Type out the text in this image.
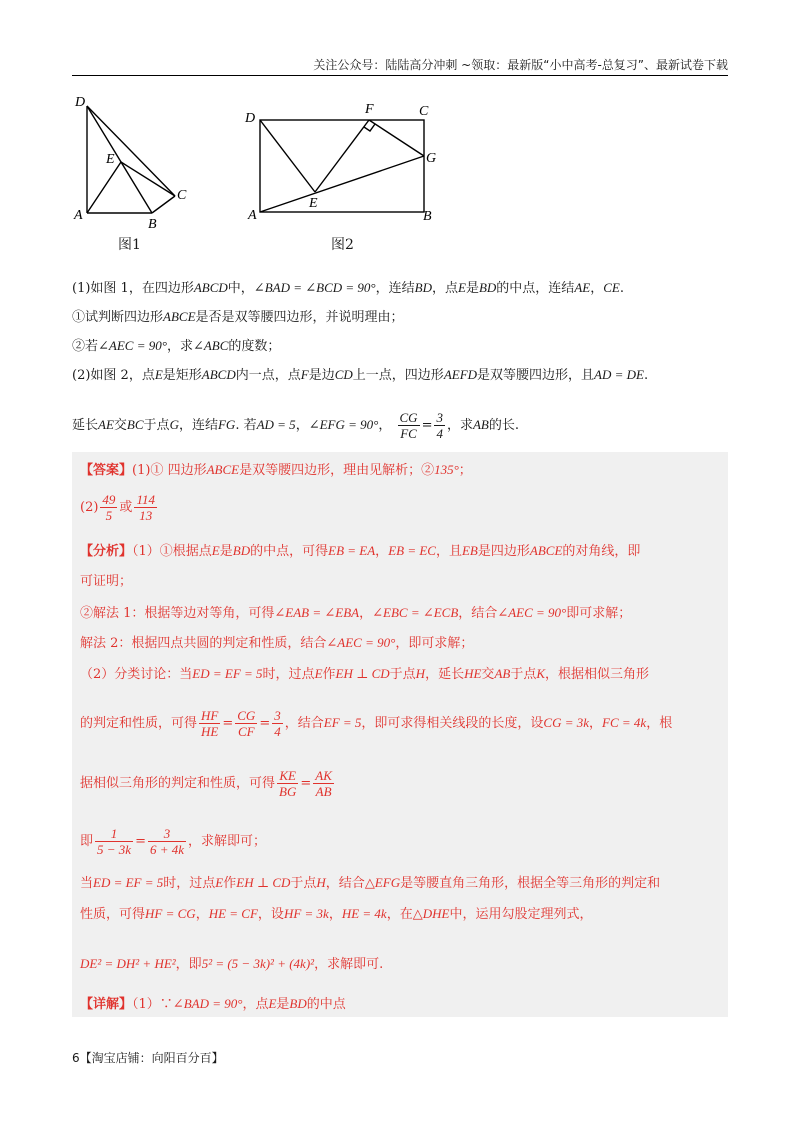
关注公众号：陆陆高分冲刺 ~领取：最新版“小中高考-总复习”、最新试卷下载
D
E
C
A
B
图1
D
F	C
G
A
E
B
图2
(1)如图 1，在四边形ABCD中，∠BAD = ∠BCD = 90°，连结BD，点E是BD的中点，连结AE，CE.
①试判断四边形ABCE是否是双等腰四边形，并说明理由；
②若∠AEC = 90°，求∠ABC的度数；
(2)如图 2，点E是矩形ABCD内一点，点F是边CD上一点，四边形AEFD是双等腰四边形，且AD = DE.
延长AE交BC于点G，连结FG. 若AD = 5，∠EFG = 90°， $\frac{CG}{FC} = \frac{3}{4}$ ，求AB的长.
【答案】(1)① 四边形ABCE是双等腰四边形，理由见解析；②135°；
$(2) \frac{49}{5}$ 或 $\frac{114}{13}$
【分析】（1）①根据点E是BD的中点，可得EB = EA，EB = EC，且EB是四边形ABCE的对角线，即
可证明；
②解法 1：根据等边对等角，可得∠EAB = ∠EBA，∠EBC = ∠ECB，结合∠AEC = 90°即可求解；
解法 2：根据四点共圆的判定和性质，结合∠AEC = 90°，即可求解；
（2）分类讨论：当ED = EF = 5时，过点E作EH ⊥ CD于点H，延长HE交AB于点K，根据相似三角形
的判定和性质，可得 $\frac{HF}{HE} = \frac{CG}{CF} = \frac{3}{4}$ ，结合EF = 5，即可求得相关线段的长度，设CG = 3k，FC = 4k，根
据相似三角形的判定和性质，可得 $\frac{KE}{BG} = \frac{AK}{AB}$
即 $\frac{1}{5 - 3k} = \frac{3}{6 + 4k}$ ，求解即可；
当ED = EF = 5时，过点E作EH ⊥ CD于点H，结合△EFG是等腰直角三角形，根据全等三角形的判定和
性质，可得HF = CG，HE = CF，设HF = 3k，HE = 4k，在△DHE中，运用勾股定理列式，
DE² = DH² + HE²，即5² = (5 − 3k)² + (4k)²，求解即可.
【详解】（1）∵∠BAD = 90°，点E是BD的中点
6【淘宝店铺：向阳百分百】
